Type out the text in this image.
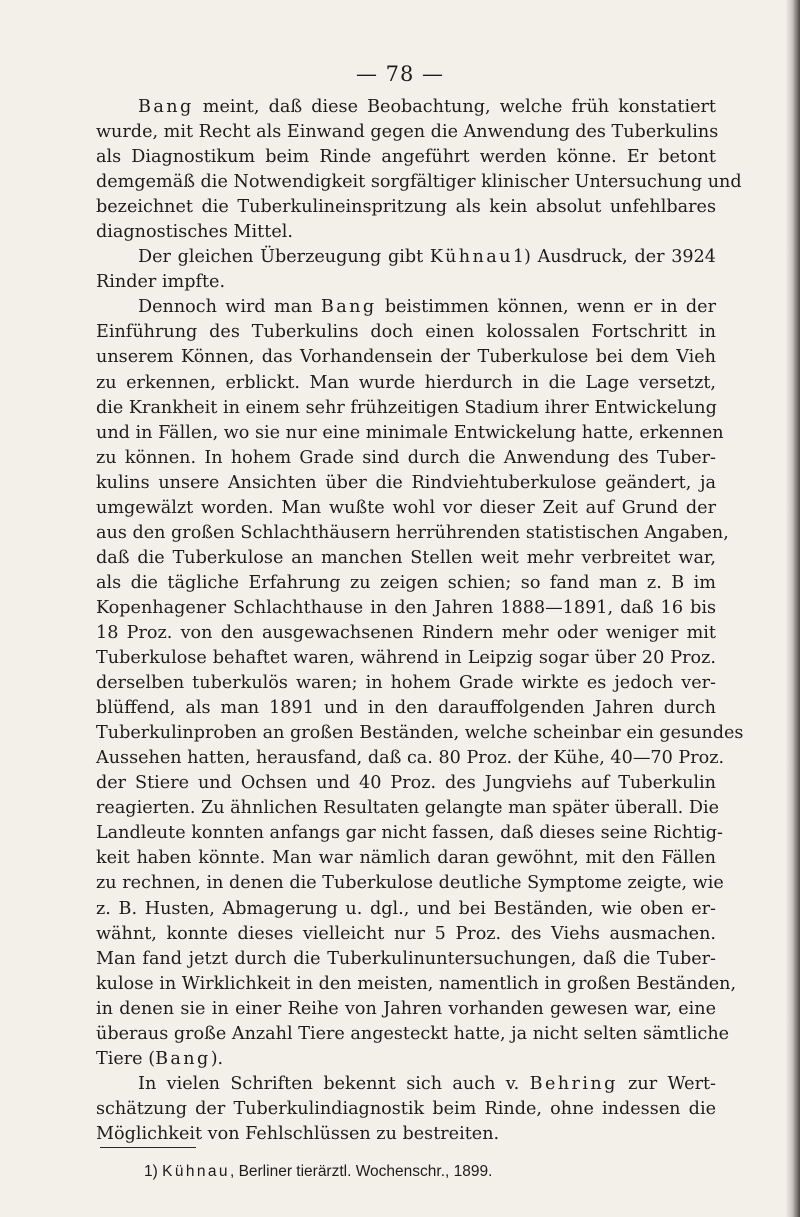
— 78 —

Bang meint, daß diese Beobachtung, welche früh konstatiert
wurde, mit Recht als Einwand gegen die Anwendung des Tuberkulins
als Diagnostikum beim Rinde angeführt werden könne. Er betont
demgemäß die Notwendigkeit sorgfältiger klinischer Untersuchung und
bezeichnet die Tuberkulineinspritzung als kein absolut unfehlbares
diagnostisches Mittel.

Der gleichen Überzeugung gibt Kühnau1) Ausdruck, der 3924
Rinder impfte.

Dennoch wird man Bang beistimmen können, wenn er in der
Einführung des Tuberkulins doch einen kolossalen Fortschritt in
unserem Können, das Vorhandensein der Tuberkulose bei dem Vieh
zu erkennen, erblickt. Man wurde hierdurch in die Lage versetzt,
die Krankheit in einem sehr frühzeitigen Stadium ihrer Entwickelung
und in Fällen, wo sie nur eine minimale Entwickelung hatte, erkennen
zu können. In hohem Grade sind durch die Anwendung des Tuber-
kulins unsere Ansichten über die Rindviehtuberkulose geändert, ja
umgewälzt worden. Man wußte wohl vor dieser Zeit auf Grund der
aus den großen Schlachthäusern herrührenden statistischen Angaben,
daß die Tuberkulose an manchen Stellen weit mehr verbreitet war,
als die tägliche Erfahrung zu zeigen schien; so fand man z. B im
Kopenhagener Schlachthause in den Jahren 1888—1891, daß 16 bis
18 Proz. von den ausgewachsenen Rindern mehr oder weniger mit
Tuberkulose behaftet waren, während in Leipzig sogar über 20 Proz.
derselben tuberkulös waren; in hohem Grade wirkte es jedoch ver-
blüffend, als man 1891 und in den darauffolgenden Jahren durch
Tuberkulinproben an großen Beständen, welche scheinbar ein gesundes
Aussehen hatten, herausfand, daß ca. 80 Proz. der Kühe, 40—70 Proz.
der Stiere und Ochsen und 40 Proz. des Jungviehs auf Tuberkulin
reagierten. Zu ähnlichen Resultaten gelangte man später überall. Die
Landleute konnten anfangs gar nicht fassen, daß dieses seine Richtig-
keit haben könnte. Man war nämlich daran gewöhnt, mit den Fällen
zu rechnen, in denen die Tuberkulose deutliche Symptome zeigte, wie
z. B. Husten, Abmagerung u. dgl., und bei Beständen, wie oben er-
wähnt, konnte dieses vielleicht nur 5 Proz. des Viehs ausmachen.
Man fand jetzt durch die Tuberkulinuntersuchungen, daß die Tuber-
kulose in Wirklichkeit in den meisten, namentlich in großen Beständen,
in denen sie in einer Reihe von Jahren vorhanden gewesen war, eine
überaus große Anzahl Tiere angesteckt hatte, ja nicht selten sämtliche
Tiere (Bang).

In vielen Schriften bekennt sich auch v. Behring zur Wert-
schätzung der Tuberkulindiagnostik beim Rinde, ohne indessen die
Möglichkeit von Fehlschlüssen zu bestreiten.

1) Kühnau, Berliner tierärztl. Wochenschr., 1899.
